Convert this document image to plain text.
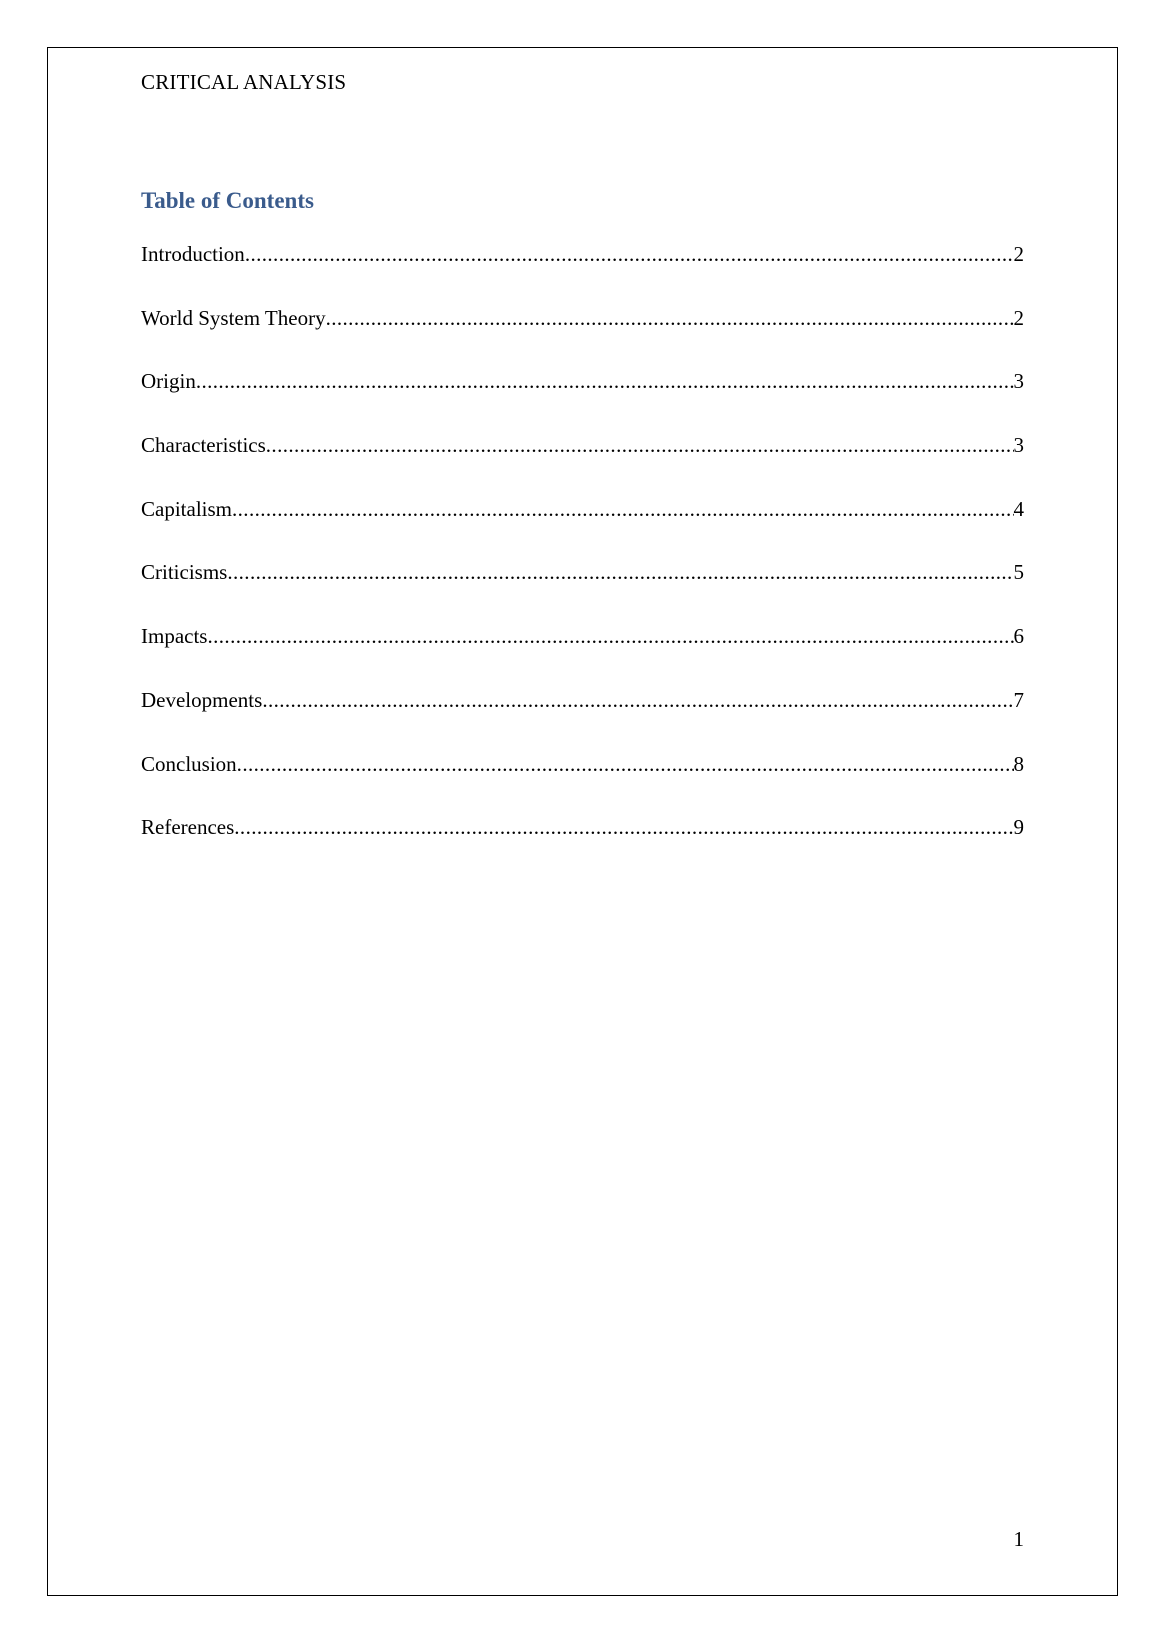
CRITICAL ANALYSIS
Table of Contents
Introduction .....	2
World System Theory .....	2
Origin .....	3
Characteristics .....	3
Capitalism .....	4
Criticisms .....	5
Impacts .....	6
Developments .....	7
Conclusion .....	8
References .....	9
1
